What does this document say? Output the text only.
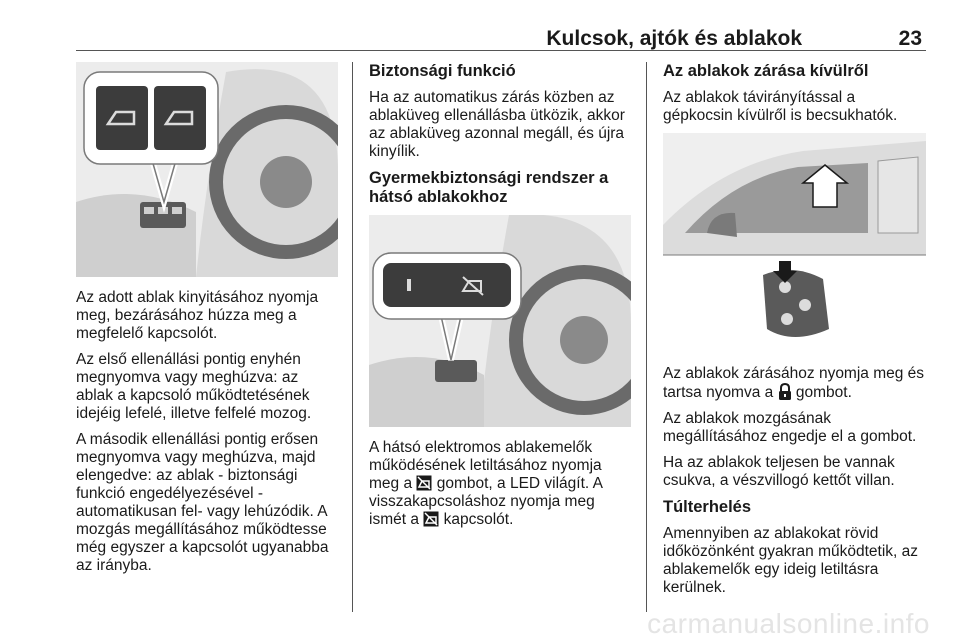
Kulcsok, ajtók és ablakok	23

Az adott ablak kinyitásához nyomja meg, bezárásához húzza meg a megfelelő kapcsolót.

Az első ellenállási pontig enyhén megnyomva vagy meghúzva: az ablak a kapcsoló működtetésének idejéig lefelé, illetve felfelé mozog.

A második ellenállási pontig erősen megnyomva vagy meghúzva, majd elengedve: az ablak - biztonsági funkció engedélyezésével - automatikusan fel- vagy lehúzódik. A mozgás megállításához működtesse még egyszer a kapcsolót ugyanabba az irányba.

Biztonsági funkció

Ha az automatikus zárás közben az ablaküveg ellenállásba ütközik, akkor az ablaküveg azonnal megáll, és újra kinyílik.

Gyermekbiztonsági rendszer a hátsó ablakokhoz

A hátsó elektromos ablakemelők működésének letiltásához nyomja meg a gombot, a LED világít. A visszakapcsoláshoz nyomja meg ismét a kapcsolót.

Az ablakok zárása kívülről

Az ablakok távirányítással a gépkocsin kívülről is becsukhatók.

Az ablakok zárásához nyomja meg és tartsa nyomva a gombot.

Az ablakok mozgásának megállításához engedje el a gombot.

Ha az ablakok teljesen be vannak csukva, a vészvillogó kettőt villan.

Túlterhelés

Amennyiben az ablakokat rövid időközönként gyakran működtetik, az ablakemelők egy ideig letiltásra kerülnek.

carmanualsonline.info
